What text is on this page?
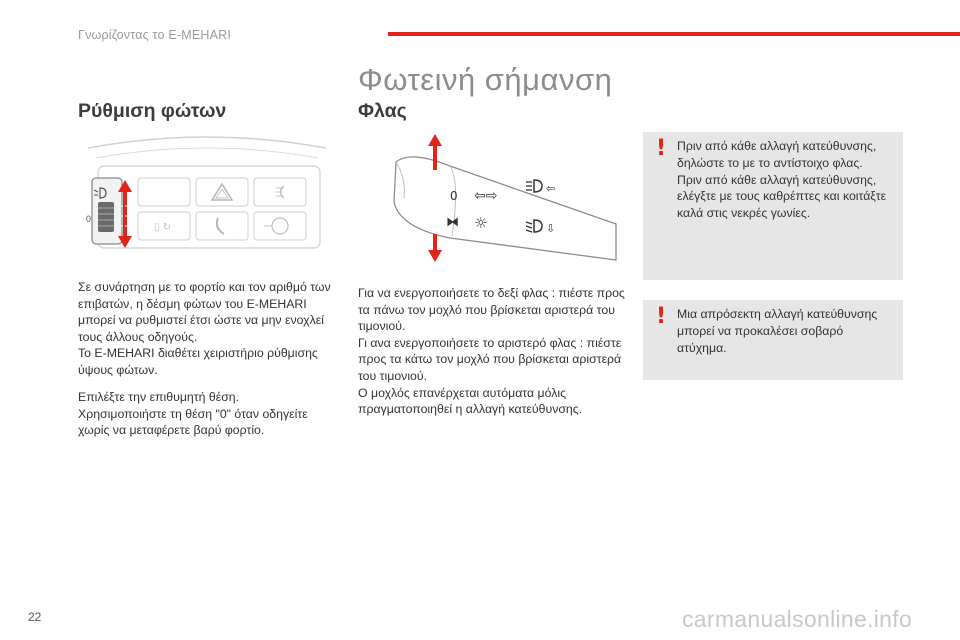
Γνωρίζοντας το E-MEHARI
Φωτεινή σήμανση
Ρύθμιση φώτων
▯ ↻
0

Σε συνάρτηση με το φορτίο και τον αριθμό των επιβατών, η δέσμη φώτων του E-MEHARI μπορεί να ρυθμιστεί έτσι ώστε να μην ενοχλεί τους άλλους οδηγούς.

Το E-MEHARI διαθέτει χειριστήριο ρύθμισης ύψους φώτων.

Επιλέξτε την επιθυμητή θέση.

Χρησιμοποιήστε τη θέση "0" όταν οδηγείτε χωρίς να μεταφέρετε βαρύ φορτίο.

Φλας
0 ⇦⇨
⧓ ☼
⇦
⇩

Για να ενεργοποιήσετε το δεξί φλας : πιέστε προς τα πάνω τον μοχλό που βρίσκεται αριστερά του τιμονιού.

Γι ανα ενεργοποιήσετε το αριστερό φλας : πιέστε προς τα κάτω τον μοχλό που βρίσκεται αριστερά του τιμονιού.

Ο μοχλός επανέρχεται αυτόματα μόλις πραγματοποιηθεί η αλλαγή κατεύθυνσης.

! Πριν από κάθε αλλαγή κατεύθυνσης, δηλώστε το με το αντίστοιχο φλας.

Πριν από κάθε αλλαγή κατεύθυνσης, ελέγξτε με τους καθρέπτες και κοιτάξτε καλά στις νεκρές γωνίες.

! Μια απρόσεκτη αλλαγή κατεύθυνσης μπορεί να προκαλέσει σοβαρό ατύχημα.

22	carmanualsonline.info
